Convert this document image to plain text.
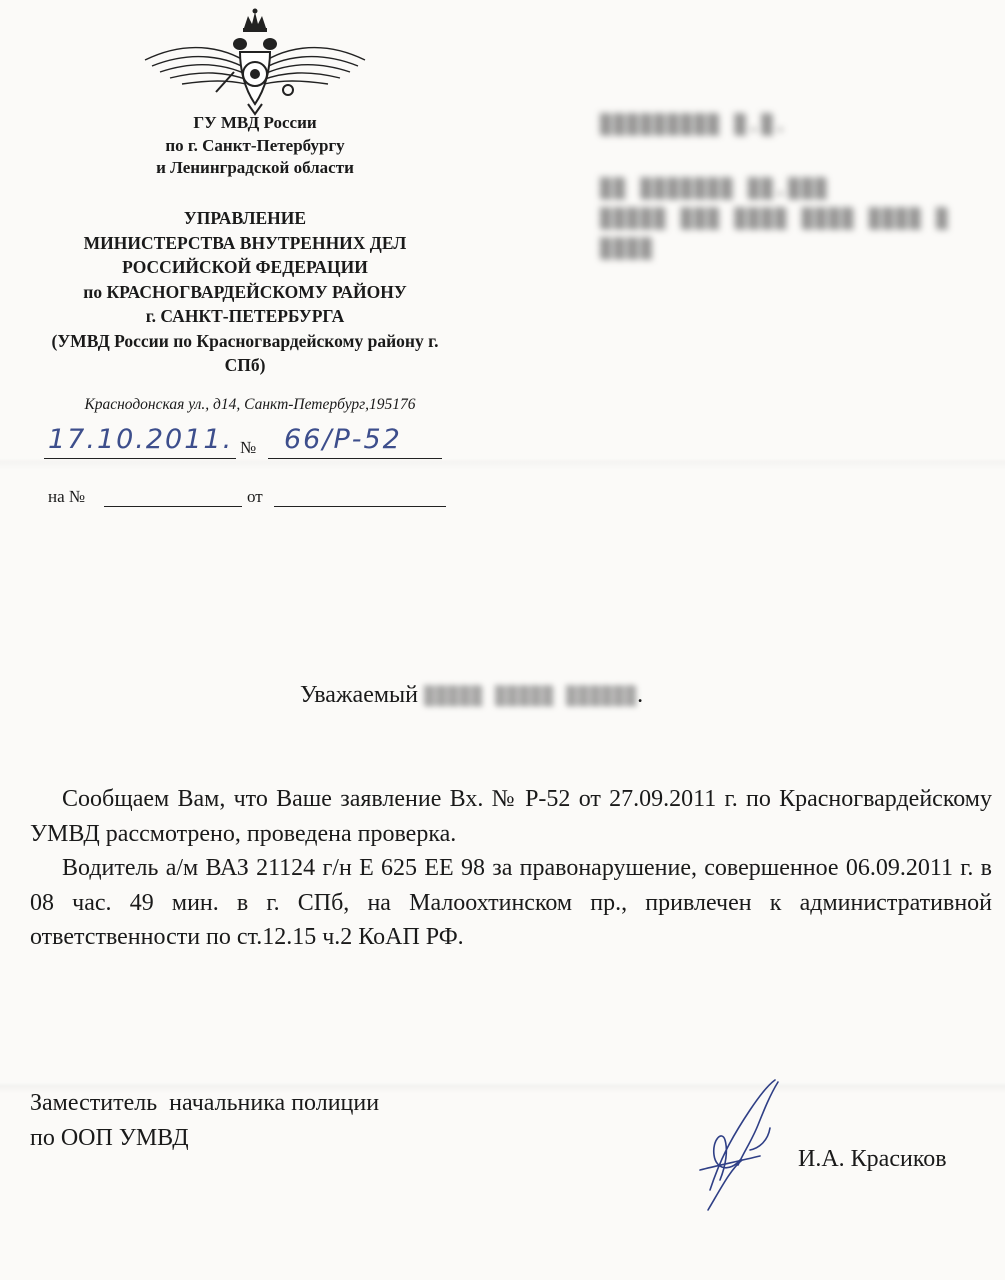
ГУ МВД России
по г. Санкт-Петербургу
и Ленинградской области
УПРАВЛЕНИЕ
МИНИСТЕРСТВА ВНУТРЕННИХ ДЕЛ
РОССИЙСКОЙ ФЕДЕРАЦИИ
по КРАСНОГВАРДЕЙСКОМУ РАЙОНУ
г. САНКТ-ПЕТЕРБУРГА
(УМВД России по Красногвардейскому району г.
СПб)
Краснодонская ул., д14, Санкт-Петербург,195176
17.10.2011. № 66/Р-52
на №	от
▒▒▒▒▒▒▒▒▒ ▒.▒.
▒▒ ▒▒▒▒▒▒▒ ▒▒.▒▒▒
▒▒▒▒▒ ▒▒▒ ▒▒▒▒ ▒▒▒▒ ▒▒▒▒ ▒
▒▒▒▒
Уважаемый ▒▒▒▒▒ ▒▒▒▒▒ ▒▒▒▒▒▒.

Сообщаем Вам, что Ваше заявление Вх. № Р-52 от 27.09.2011 г. по Красногвардейскому УМВД рассмотрено, проведена проверка.

Водитель а/м ВАЗ 21124 г/н Е 625 ЕЕ 98 за правонарушение, совершенное 06.09.2011 г. в 08 час. 49 мин. в г. СПб, на Малоохтинском пр., привлечен к административной ответственности по ст.12.15 ч.2 КоАП РФ.

Заместитель  начальника полиции
по ООП УМВД
И.А. Красиков
